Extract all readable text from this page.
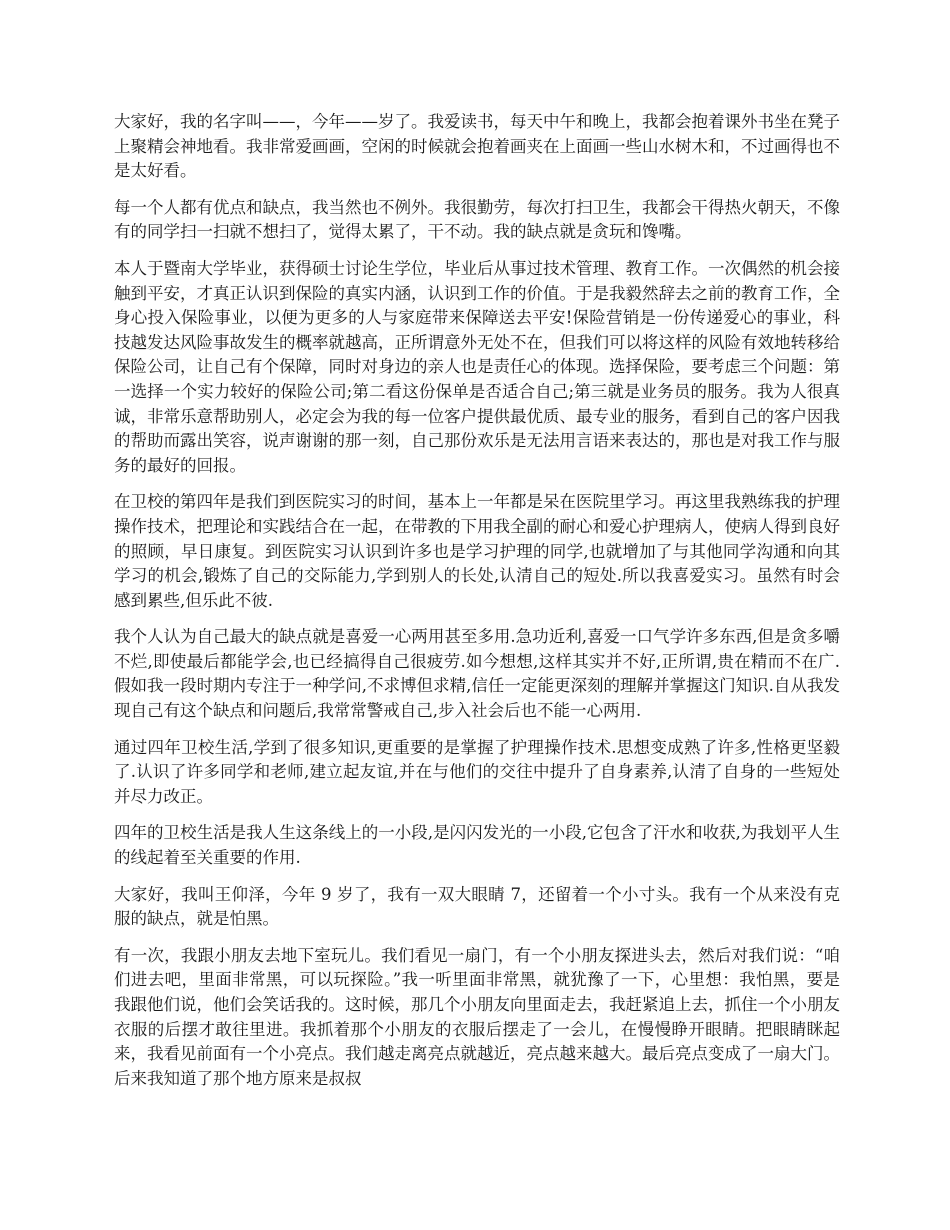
大家好，我的名字叫——，今年——岁了。我爱读书，每天中午和晚上，我都会抱着课外书坐在凳子上聚精会神地看。我非常爱画画，空闲的时候就会抱着画夹在上面画一些山水树木和，不过画得也不是太好看。

每一个人都有优点和缺点，我当然也不例外。我很勤劳，每次打扫卫生，我都会干得热火朝天，不像有的同学扫一扫就不想扫了，觉得太累了，干不动。我的缺点就是贪玩和馋嘴。

本人于暨南大学毕业，获得硕士讨论生学位，毕业后从事过技术管理、教育工作。一次偶然的机会接触到平安，才真正认识到保险的真实内涵，认识到工作的价值。于是我毅然辞去之前的教育工作，全身心投入保险事业，以便为更多的人与家庭带来保障送去平安!保险营销是一份传递爱心的事业，科技越发达风险事故发生的概率就越高，正所谓意外无处不在，但我们可以将这样的风险有效地转移给保险公司，让自己有个保障，同时对身边的亲人也是责任心的体现。选择保险，要考虑三个问题：第一选择一个实力较好的保险公司;第二看这份保单是否适合自己;第三就是业务员的服务。我为人很真诚，非常乐意帮助别人，必定会为我的每一位客户提供最优质、最专业的服务，看到自己的客户因我的帮助而露出笑容，说声谢谢的那一刻，自己那份欢乐是无法用言语来表达的，那也是对我工作与服务的最好的回报。

在卫校的第四年是我们到医院实习的时间，基本上一年都是呆在医院里学习。再这里我熟练我的护理操作技术，把理论和实践结合在一起，在带教的下用我全副的耐心和爱心护理病人，使病人得到良好的照顾，早日康复。到医院实习认识到许多也是学习护理的同学,也就增加了与其他同学沟通和向其学习的机会,锻炼了自己的交际能力,学到别人的长处,认清自己的短处.所以我喜爱实习。虽然有时会感到累些,但乐此不彼.

我个人认为自己最大的缺点就是喜爱一心两用甚至多用.急功近利,喜爱一口气学许多东西,但是贪多嚼不烂,即使最后都能学会,也已经搞得自己很疲劳.如今想想,这样其实并不好,正所谓,贵在精而不在广.假如我一段时期内专注于一种学问,不求博但求精,信任一定能更深刻的理解并掌握这门知识.自从我发现自己有这个缺点和问题后,我常常警戒自己,步入社会后也不能一心两用.

通过四年卫校生活,学到了很多知识,更重要的是掌握了护理操作技术.思想变成熟了许多,性格更坚毅了.认识了许多同学和老师,建立起友谊,并在与他们的交往中提升了自身素养,认清了自身的一些短处并尽力改正。

四年的卫校生活是我人生这条线上的一小段,是闪闪发光的一小段,它包含了汗水和收获,为我划平人生的线起着至关重要的作用.

大家好，我叫王仰泽，今年 9 岁了，我有一双大眼睛 7，还留着一个小寸头。我有一个从来没有克服的缺点，就是怕黑。

有一次，我跟小朋友去地下室玩儿。我们看见一扇门，有一个小朋友探进头去，然后对我们说：“咱们进去吧，里面非常黑，可以玩探险。”我一听里面非常黑，就犹豫了一下，心里想：我怕黑，要是我跟他们说，他们会笑话我的。这时候，那几个小朋友向里面走去，我赶紧追上去，抓住一个小朋友衣服的后摆才敢往里进。我抓着那个小朋友的衣服后摆走了一会儿，在慢慢睁开眼睛。把眼睛眯起来，我看见前面有一个小亮点。我们越走离亮点就越近，亮点越来越大。最后亮点变成了一扇大门。后来我知道了那个地方原来是叔叔
